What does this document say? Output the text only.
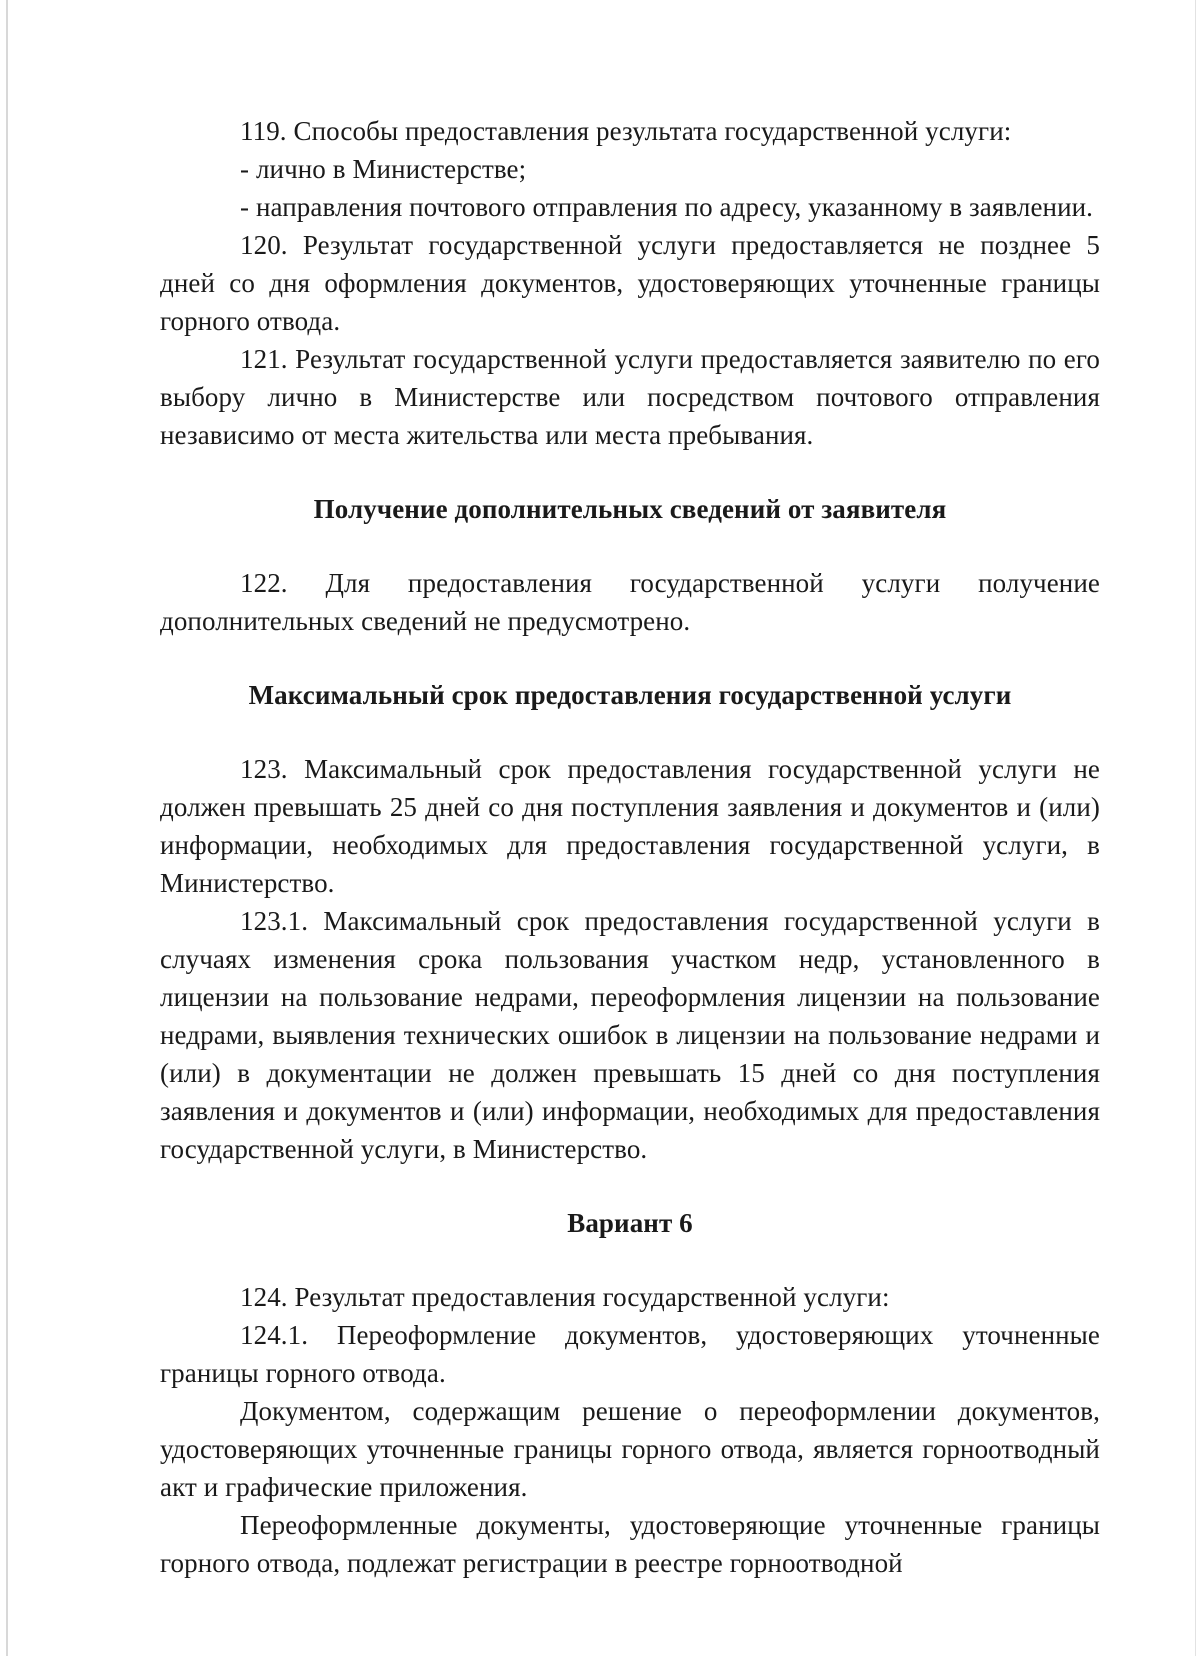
119. Способы предоставления результата государственной услуги:

- лично в Министерстве;

- направления почтового отправления по адресу, указанному в заявлении.

120. Результат государственной услуги предоставляется не позднее 5 дней со дня оформления документов, удостоверяющих уточненные границы горного отвода.

121. Результат государственной услуги предоставляется заявителю по его выбору лично в Министерстве или посредством почтового отправления независимо от места жительства или места пребывания.

Получение дополнительных сведений от заявителя

122. Для предоставления государственной услуги получение дополнительных сведений не предусмотрено.

Максимальный срок предоставления государственной услуги

123. Максимальный срок предоставления государственной услуги не должен превышать 25 дней со дня поступления заявления и документов и (или) информации, необходимых для предоставления государственной услуги, в Министерство.

123.1. Максимальный срок предоставления государственной услуги в случаях изменения срока пользования участком недр, установленного в лицензии на пользование недрами, переоформления лицензии на пользование недрами, выявления технических ошибок в лицензии на пользование недрами и (или) в документации не должен превышать 15 дней со дня поступления заявления и документов и (или) информации, необходимых для предоставления государственной услуги, в Министерство.

Вариант 6

124. Результат предоставления государственной услуги:

124.1. Переоформление документов, удостоверяющих уточненные границы горного отвода.

Документом, содержащим решение о переоформлении документов, удостоверяющих уточненные границы горного отвода, является горноотводный акт и графические приложения.

Переоформленные документы, удостоверяющие уточненные границы горного отвода, подлежат регистрации в реестре горноотводной
